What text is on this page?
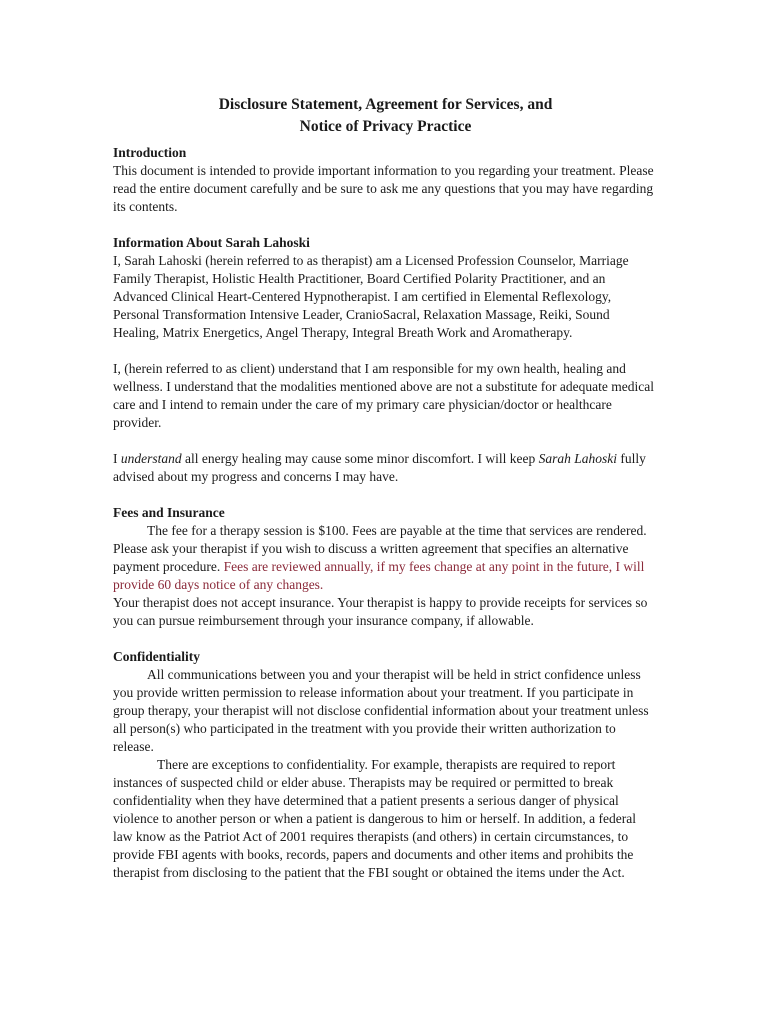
Disclosure Statement, Agreement for Services, and
Notice of Privacy Practice
Introduction

This document is intended to provide important information to you regarding your treatment. Please read the entire document carefully and be sure to ask me any questions that you may have regarding its contents.

Information About Sarah Lahoski

I, Sarah Lahoski (herein referred to as therapist) am a Licensed Profession Counselor, Marriage Family Therapist, Holistic Health Practitioner, Board Certified Polarity Practitioner, and an Advanced Clinical Heart-Centered Hypnotherapist. I am certified in Elemental Reflexology, Personal Transformation Intensive Leader, CranioSacral, Relaxation Massage, Reiki, Sound Healing, Matrix Energetics, Angel Therapy, Integral Breath Work and Aromatherapy.

I, (herein referred to as client) understand that I am responsible for my own health, healing and wellness. I understand that the modalities mentioned above are not a substitute for adequate medical care and I intend to remain under the care of my primary care physician/doctor or healthcare provider.

I understand all energy healing may cause some minor discomfort. I will keep Sarah Lahoski fully advised about my progress and concerns I may have.

Fees and Insurance

The fee for a therapy session is $100. Fees are payable at the time that services are rendered. Please ask your therapist if you wish to discuss a written agreement that specifies an alternative payment procedure. Fees are reviewed annually, if my fees change at any point in the future, I will provide 60 days notice of any changes.

Your therapist does not accept insurance. Your therapist is happy to provide receipts for services so you can pursue reimbursement through your insurance company, if allowable.

Confidentiality

All communications between you and your therapist will be held in strict confidence unless you provide written permission to release information about your treatment. If you participate in group therapy, your therapist will not disclose confidential information about your treatment unless all person(s) who participated in the treatment with you provide their written authorization to release.

There are exceptions to confidentiality. For example, therapists are required to report instances of suspected child or elder abuse. Therapists may be required or permitted to break confidentiality when they have determined that a patient presents a serious danger of physical violence to another person or when a patient is dangerous to him or herself. In addition, a federal law know as the Patriot Act of 2001 requires therapists (and others) in certain circumstances, to provide FBI agents with books, records, papers and documents and other items and prohibits the therapist from disclosing to the patient that the FBI sought or obtained the items under the Act.
